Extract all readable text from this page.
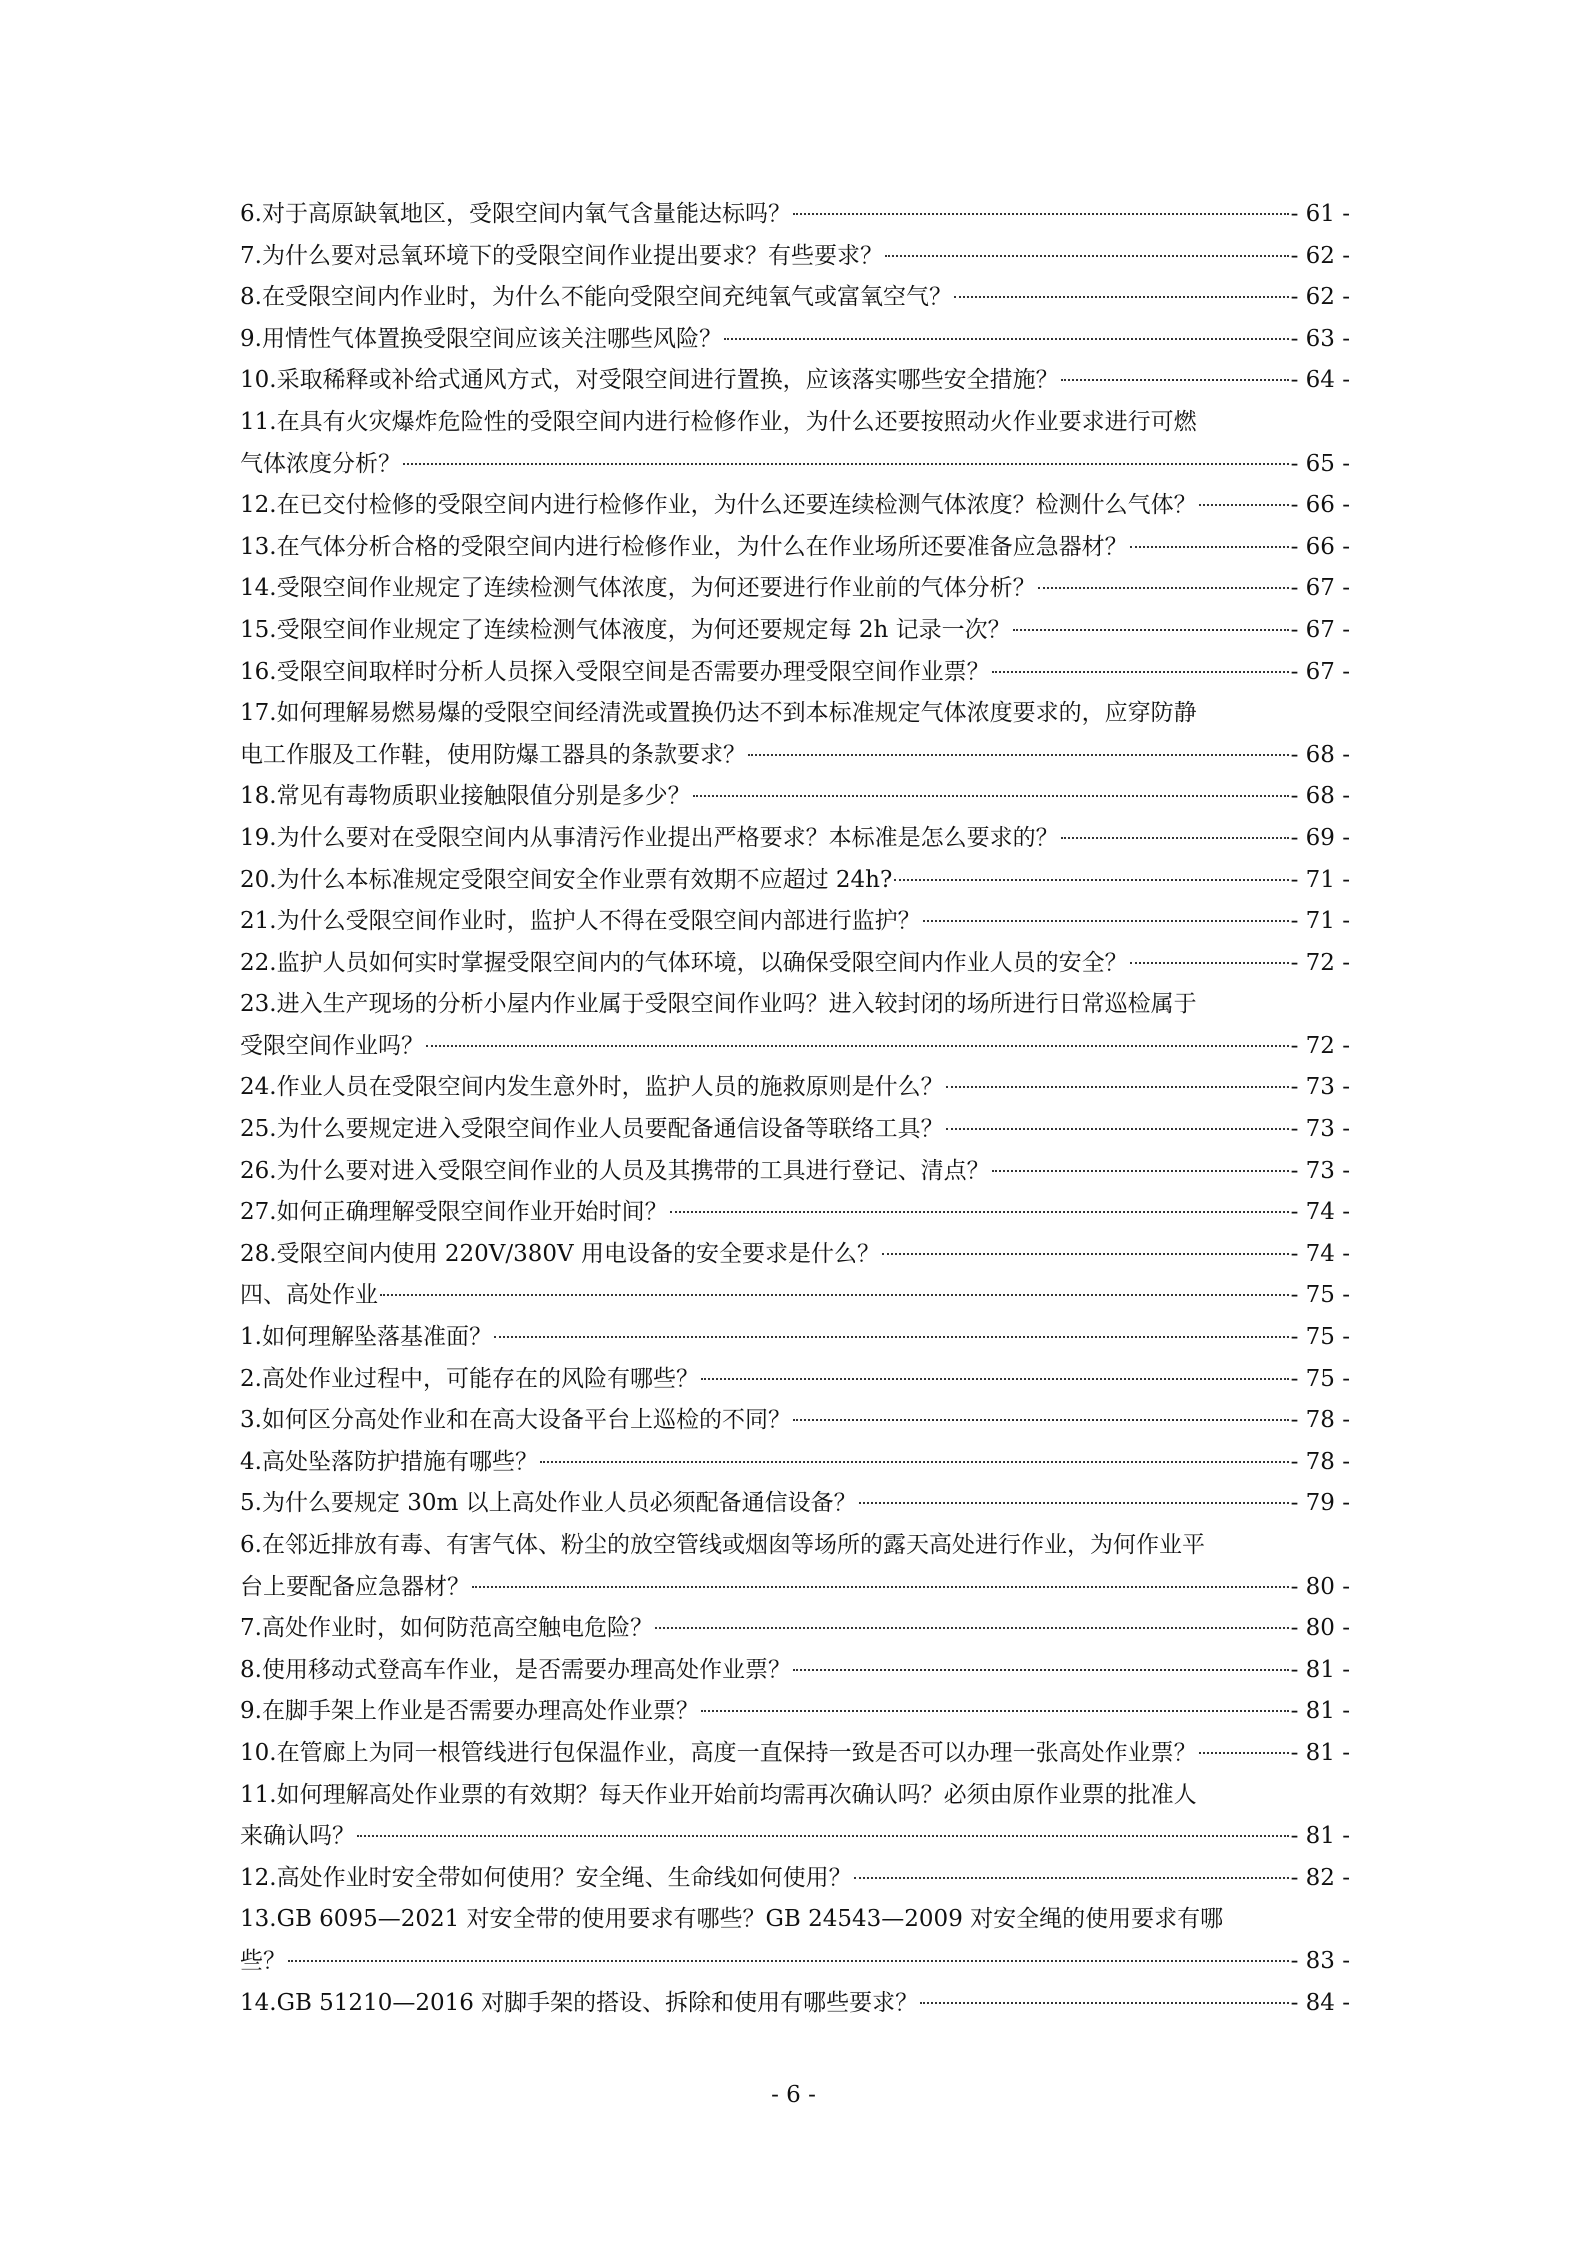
6.对于高原缺氧地区，受限空间内氧气含量能达标吗？	- 61 -
7.为什么要对忌氧环境下的受限空间作业提出要求？有些要求？	- 62 -
8.在受限空间内作业时，为什么不能向受限空间充纯氧气或富氧空气？	- 62 -
9.用情性气体置换受限空间应该关注哪些风险？	- 63 -
10.采取稀释或补给式通风方式，对受限空间进行置换，应该落实哪些安全措施？	- 64 -
11.在具有火灾爆炸危险性的受限空间内进行检修作业，为什么还要按照动火作业要求进行可燃
气体浓度分析？	- 65 -
12.在已交付检修的受限空间内进行检修作业，为什么还要连续检测气体浓度？检测什么气体？	- 66 -
13.在气体分析合格的受限空间内进行检修作业，为什么在作业场所还要准备应急器材？	- 66 -
14.受限空间作业规定了连续检测气体浓度，为何还要进行作业前的气体分析？	- 67 -
15.受限空间作业规定了连续检测气体液度，为何还要规定每 2h 记录一次？	- 67 -
16.受限空间取样时分析人员探入受限空间是否需要办理受限空间作业票？	- 67 -
17.如何理解易燃易爆的受限空间经清洗或置换仍达不到本标准规定气体浓度要求的，应穿防静
电工作服及工作鞋，使用防爆工器具的条款要求？	- 68 -
18.常见有毒物质职业接触限值分别是多少？	- 68 -
19.为什么要对在受限空间内从事清污作业提出严格要求？本标准是怎么要求的？	- 69 -
20.为什么本标准规定受限空间安全作业票有效期不应超过 24h?	- 71 -
21.为什么受限空间作业时，监护人不得在受限空间内部进行监护？	- 71 -
22.监护人员如何实时掌握受限空间内的气体环境，以确保受限空间内作业人员的安全？	- 72 -
23.进入生产现场的分析小屋内作业属于受限空间作业吗？进入较封闭的场所进行日常巡检属于
受限空间作业吗？	- 72 -
24.作业人员在受限空间内发生意外时，监护人员的施救原则是什么？	- 73 -
25.为什么要规定进入受限空间作业人员要配备通信设备等联络工具？	- 73 -
26.为什么要对进入受限空间作业的人员及其携带的工具进行登记、清点？	- 73 -
27.如何正确理解受限空间作业开始时间？	- 74 -
28.受限空间内使用 220V/380V 用电设备的安全要求是什么？	- 74 -
四、高处作业	- 75 -
1.如何理解坠落基准面？	- 75 -
2.高处作业过程中，可能存在的风险有哪些？	- 75 -
3.如何区分高处作业和在高大设备平台上巡检的不同？	- 78 -
4.高处坠落防护措施有哪些？	- 78 -
5.为什么要规定 30m 以上高处作业人员必须配备通信设备？	- 79 -
6.在邻近排放有毒、有害气体、粉尘的放空管线或烟囱等场所的露天高处进行作业，为何作业平
台上要配备应急器材？	- 80 -
7.高处作业时，如何防范高空触电危险？	- 80 -
8.使用移动式登高车作业，是否需要办理高处作业票？	- 81 -
9.在脚手架上作业是否需要办理高处作业票？	- 81 -
10.在管廊上为同一根管线进行包保温作业，高度一直保持一致是否可以办理一张高处作业票？	- 81 -
11.如何理解高处作业票的有效期？每天作业开始前均需再次确认吗？必须由原作业票的批准人
来确认吗？	- 81 -
12.高处作业时安全带如何使用？安全绳、生命线如何使用？	- 82 -
13.GB 6095—2021 对安全带的使用要求有哪些？GB 24543—2009 对安全绳的使用要求有哪
些？	- 83 -
14.GB 51210—2016 对脚手架的搭设、拆除和使用有哪些要求？	- 84 -
- 6 -
